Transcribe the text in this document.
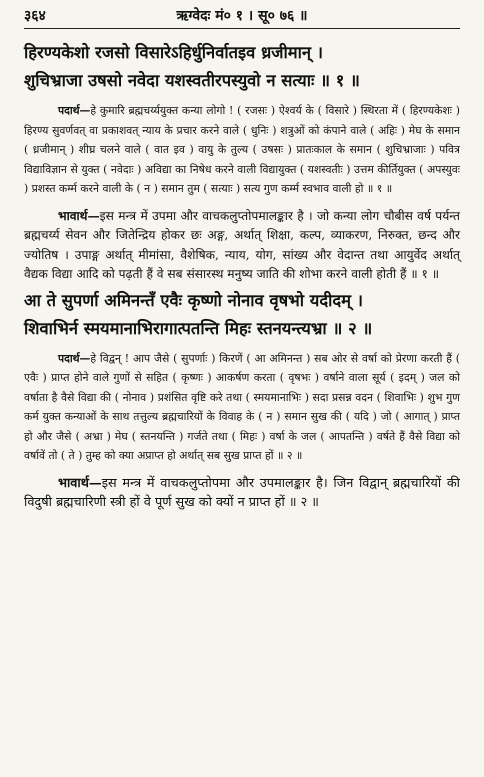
३६४	ऋग्वेदः मं० १ । सू० ७६ ॥

हिरण्यकेशो रजसो विसारेऽहिर्धुनिर्वातइव ध्रजीमान् ।

शुचिभ्राजा उषसो नवेदा यशस्वतीरपस्युवो न सत्याः ॥ १ ॥

पदार्थ—हे कुमारि ब्रह्मचर्य्ययुक्त कन्या लोगो ! ( रजसः ) ऐश्वर्य के ( विसारे ) स्थिरता में ( हिरण्यकेशः ) हिरण्य सुवर्णवत् वा प्रकाशवत् न्याय के प्रचार करने वाले ( धुनिः ) शत्रुओं को कंपाने वाले ( अहिः ) मेघ के समान ( ध्रजीमान् ) शीघ्र चलने वाले ( वात इव ) वायु के तुल्य ( उषसः ) प्रातःकाल के समान ( शुचिभ्राजाः ) पवित्र विद्याविज्ञान से युक्त ( नवेदाः ) अविद्या का निषेध करने वाली विद्यायुक्त ( यशस्वतीः ) उत्तम कीर्तियुक्त ( अपस्युवः ) प्रशस्त कर्म्म करने वाली के ( न ) समान तुम ( सत्याः ) सत्य गुण कर्म्म स्वभाव वाली हो ॥ १ ॥

भावार्थ—इस मन्त्र में उपमा और वाचकलुप्तोपमालङ्कार है । जो कन्या लोग चौबीस वर्ष पर्यन्त ब्रह्मचर्य्य सेवन और जितेन्द्रिय होकर छः अङ्ग, अर्थात् शिक्षा, कल्प, व्याकरण, निरुक्त, छन्द और ज्योतिष । उपाङ्ग अर्थात् मीमांसा, वैशेषिक, न्याय, योग, सांख्य और वेदान्त तथा आयुर्वेद अर्थात् वैद्यक विद्या आदि को पढ़ती हैं वे सब संसारस्थ मनुष्य जाति की शोभा करने वाली होती हैं ॥ १ ॥

आ ते सुपर्णा अमिनन्तँ एवैः कृष्णो नोनाव वृषभो यदीदम् ।

शिवाभिर्न स्मयमानाभिरागात्पतन्ति मिहः स्तनयन्त्यभ्रा ॥ २ ॥

पदार्थ—हे विद्वन् ! आप जैसे ( सुपर्णाः ) किरणें ( आ अमिनन्त ) सब ओर से वर्षा को प्रेरणा करती हैं ( एवैः ) प्राप्त होने वाले गुणों से सहित ( कृष्णः ) आकर्षण करता ( वृषभः ) वर्षाने वाला सूर्य ( इदम् ) जल को वर्षाता है वैसे विद्या की ( नोनाव ) प्रशंसित वृष्टि करे तथा ( स्मयमानाभिः ) सदा प्रसन्न वदन ( शिवाभिः ) शुभ गुण कर्म युक्त कन्याओं के साथ तत्तुल्य ब्रह्मचारियों के विवाह के ( न ) समान सुख की ( यदि ) जो ( आगात् ) प्राप्त हो और जैसे ( अभ्रा ) मेघ ( स्तनयन्ति ) गर्जते तथा ( मिहः ) वर्षा के जल ( आपतन्ति ) वर्षते हैं वैसे विद्या को वर्षावें तो ( ते ) तुम्ह को क्या अप्राप्त हो अर्थात् सब सुख प्राप्त हों ॥ २ ॥

भावार्थ—इस मन्त्र में वाचकलुप्तोपमा और उपमालङ्कार है। जिन विद्वान् ब्रह्मचारियों की विदुषी ब्रह्मचारिणी स्त्री हों वे पूर्ण सुख को क्यों न प्राप्त हों ॥ २ ॥
